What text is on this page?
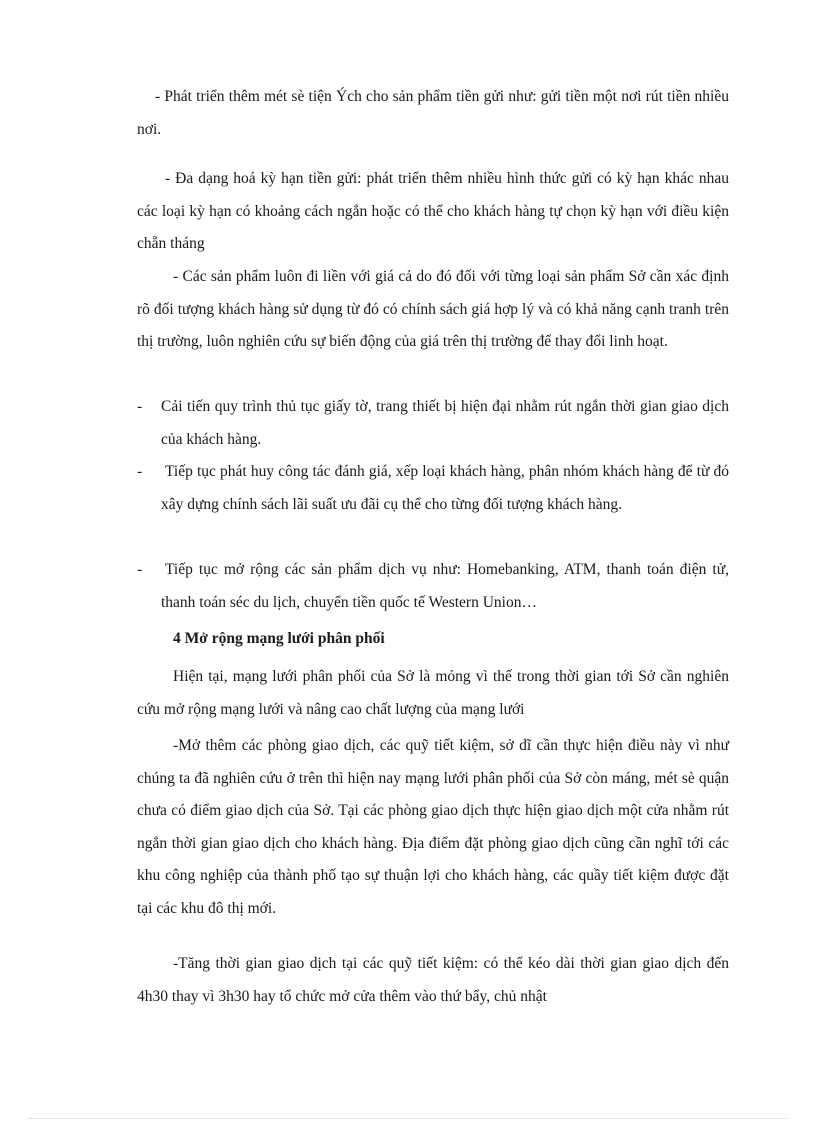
- Phát triển thêm mét sè tiện Ých cho sản phẩm tiền gửi như: gửi tiền một nơi rút tiền nhiều nơi.

- Đa dạng hoá kỳ hạn tiền gửi: phát triển thêm nhiều hình thức gửi có kỳ hạn khác nhau các loại kỳ hạn có khoảng cách ngắn hoặc có thể cho khách hàng tự chọn kỳ hạn với điều kiện chẵn tháng

- Các sản phẩm luôn đi liền với giá cả do đó đối với từng loại sản phẩm Sở cần xác định rõ đối tượng khách hàng sử dụng từ đó có chính sách giá hợp lý và có khả năng cạnh tranh trên thị trường, luôn nghiên cứu sự biến động của giá trên thị trường để thay đổi linh hoạt.

- Cải tiến quy trình thủ tục giấy tờ, trang thiết bị hiện đại nhằm rút ngắn thời gian giao dịch của khách hàng.

- Tiếp tục phát huy công tác đánh giá, xếp loại khách hàng, phân nhóm khách hàng để từ đó xây dựng chính sách lãi suất ưu đãi cụ thể cho từng đối tượng khách hàng.

- Tiếp tục mở rộng các sản phẩm dịch vụ như: Homebanking, ATM, thanh toán điện tử, thanh toán séc du lịch, chuyển tiền quốc tế Western Union…

4 Mở rộng mạng lưới phân phối

Hiện tại, mạng lưới phân phối của Sở là mỏng vì thế trong thời gian tới Sở cần nghiên cứu mở rộng mạng lưới và nâng cao chất lượng của mạng lưới

-Mở thêm các phòng giao dịch, các quỹ tiết kiệm, sở dĩ cần thực hiện điều này vì như chúng ta đã nghiên cứu ở trên thì hiện nay mạng lưới phân phối của Sở còn máng, mét sè quận chưa có điểm giao dịch của Sở. Tại các phòng giao dịch thực hiện giao dịch một cửa nhằm rút ngắn thời gian giao dịch cho khách hàng. Địa điểm đặt phòng giao dịch cũng cần nghĩ tới các khu công nghiệp của thành phố tạo sự thuận lợi cho khách hàng, các quầy tiết kiệm được đặt tại các khu đô thị mới.

-Tăng thời gian giao dịch tại các quỹ tiết kiệm: có thể kéo dài thời gian giao dịch đến 4h30 thay vì 3h30 hay tổ chức mở cửa thêm vào thứ bẩy, chủ nhật
